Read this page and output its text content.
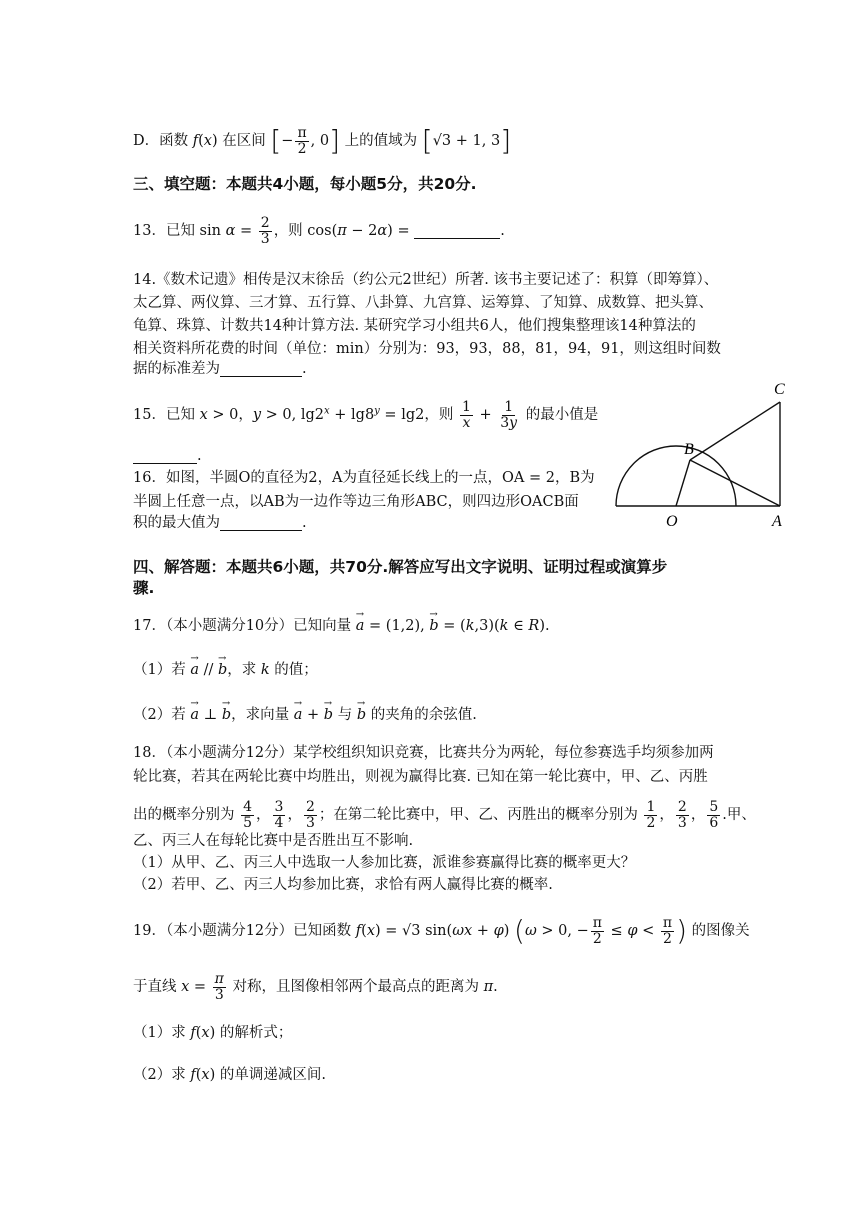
D．函数 f(x) 在区间 [− $\frac{\pi}{2}$ , 0] 上的值域为 [√3 + 1, 3]
三、填空题：本题共4小题，每小题5分，共20分.
13．已知 $\sin \alpha = \frac{2}{3}$ ，则 cos(π − 2α) =	.
14.《数术记遗》相传是汉末徐岳（约公元2世纪）所著. 该书主要记述了：积算（即筹算）、
太乙算、两仪算、三才算、五行算、八卦算、九宫算、运筹算、了知算、成数算、把头算、
龟算、珠算、计数共14种计算方法. 某研究学习小组共6人，他们搜集整理该14种算法的
相关资料所花费的时间（单位：min）分别为：93，93，88，81，94，91，则这组时间数
据的标准差为	.
15．已知 x > 0，y > 0, $\lg 2^x + \lg 8^y = \lg 2$，则 $\frac{1}{x} + \frac{1}{3y}$ 的最小值是
.
16．如图，半圆O的直径为2，A为直径延长线上的一点，OA = 2，B为
半圆上任意一点，以AB为一边作等边三角形ABC，则四边形OACB面
积的最大值为	.
C
B
O	A
四、解答题：本题共6小题，共70分.解答应写出文字说明、证明过程或演算步
骤.
17．（本小题满分10分）已知向量 → a = (1,2), → b = (k,3)(k ∈ R).
（1）若 → a // → b，求 k 的值；
（2）若 → a ⊥ → b，求向量 → a + → b 与 → b 的夹角的余弦值.
18．（本小题满分12分）某学校组织知识竞赛，比赛共分为两轮，每位参赛选手均须参加两
轮比赛，若其在两轮比赛中均胜出，则视为赢得比赛. 已知在第一轮比赛中，甲、乙、丙胜
出的概率分别为 $\frac{4}{5}$ ， $\frac{3}{4}$ ， $\frac{2}{3}$ ；在第二轮比赛中，甲、乙、丙胜出的概率分别为 $\frac{1}{2}$ ， $\frac{2}{3}$ ， $\frac{5}{6}$ .甲、
乙、丙三人在每轮比赛中是否胜出互不影响.
（1）从甲、乙、丙三人中选取一人参加比赛，派谁参赛赢得比赛的概率更大？
（2）若甲、乙、丙三人均参加比赛，求恰有两人赢得比赛的概率.
19．（本小题满分12分）已知函数 f(x) = √3 sin(ωx + φ) (ω > 0, − $\frac{\pi}{2} \le \varphi < \frac{\pi}{2}$ ) 的图像关
于直线 $x = \frac{\pi}{3}$ 对称，且图像相邻两个最高点的距离为 π.
（1）求 f(x) 的解析式；
（2）求 f(x) 的单调递减区间.
